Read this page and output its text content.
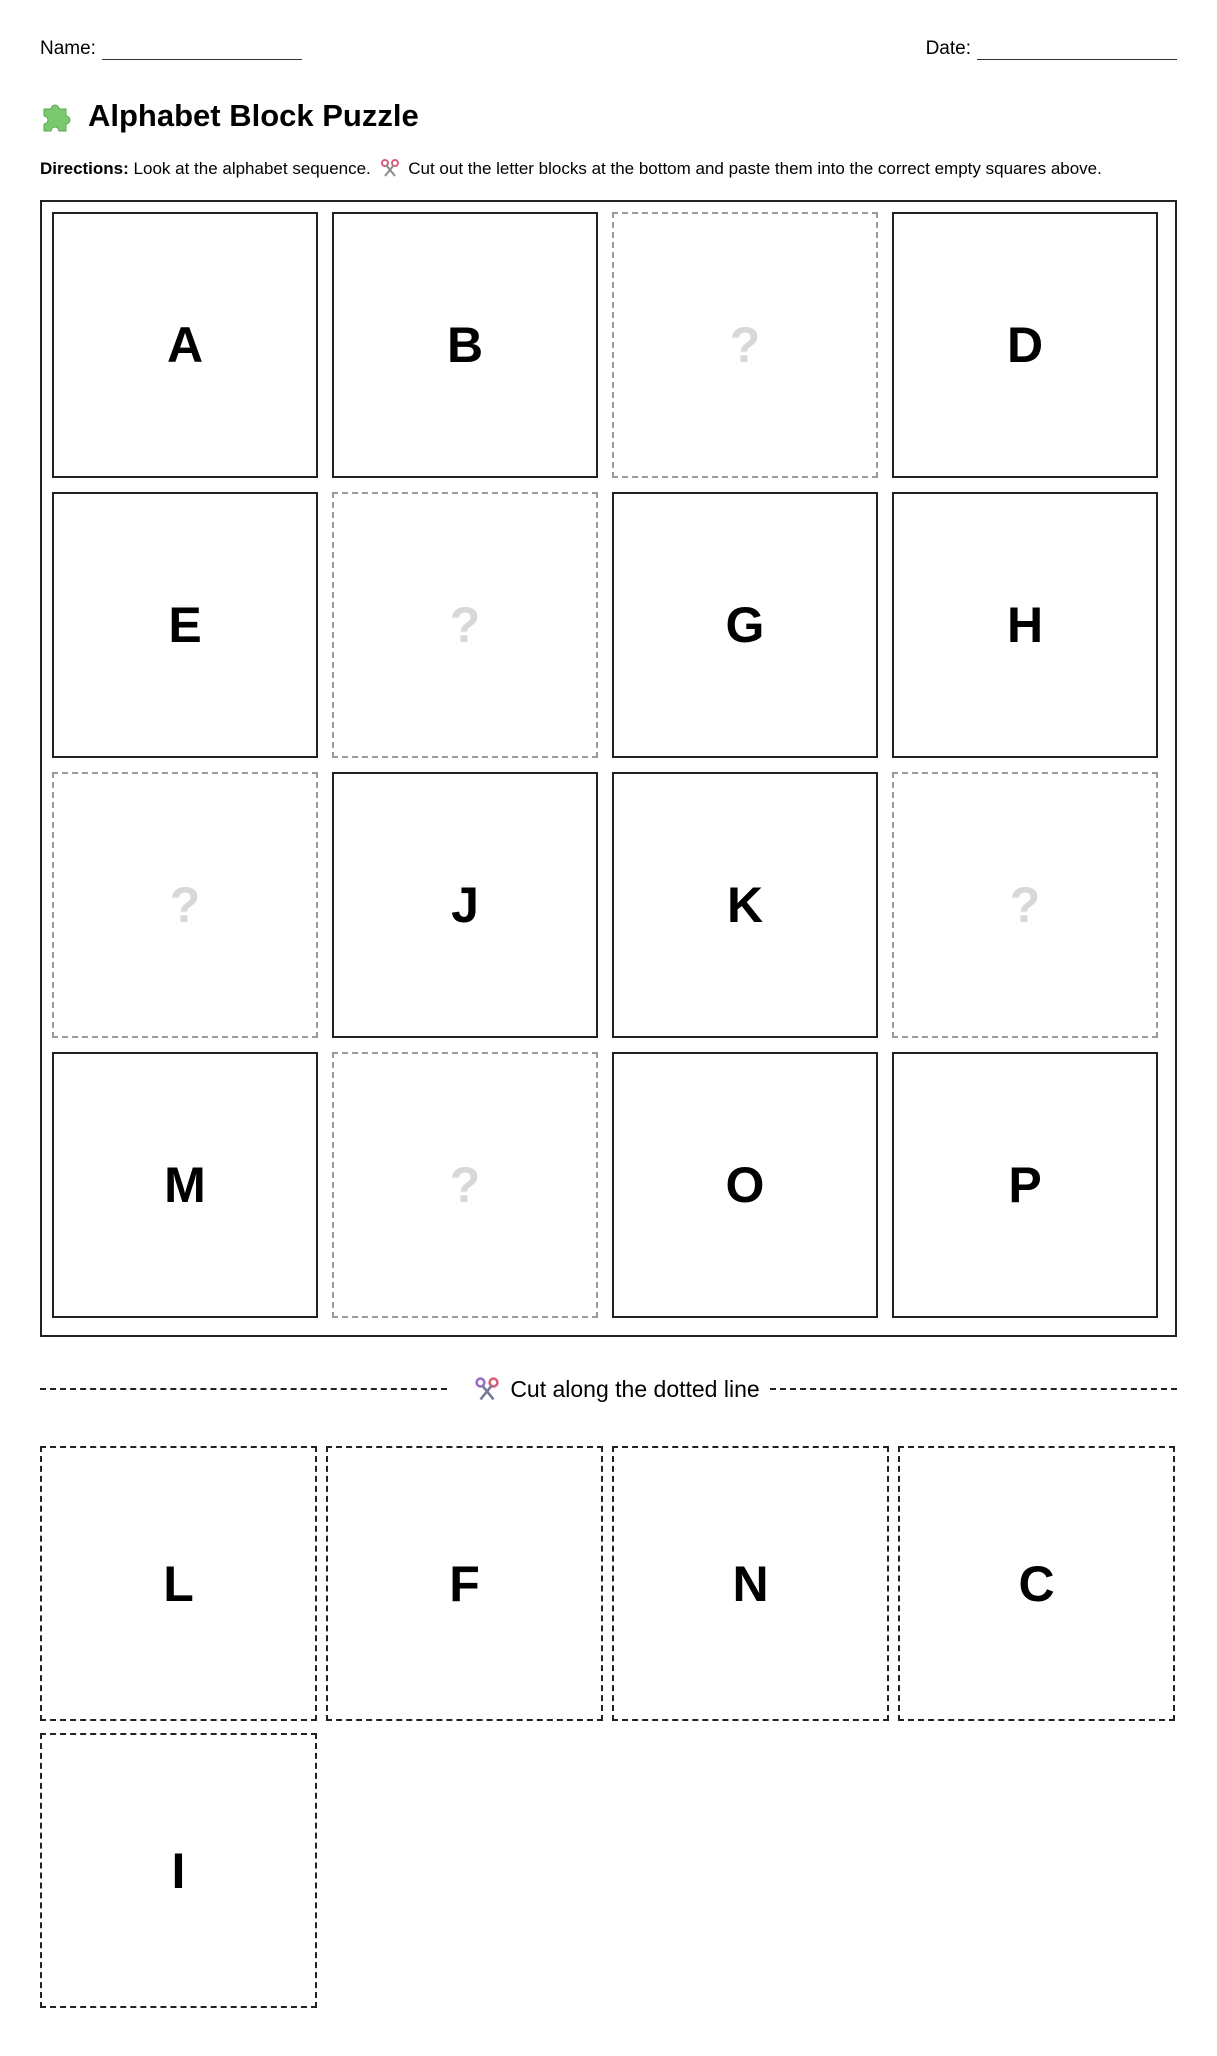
Name:	Date:
Alphabet Block Puzzle
Directions: Look at the alphabet sequence. Cut out the letter blocks at the bottom and paste them into the correct empty squares above.
A	B	?	D
E	?	G	H
?	J	K	?
M	?	O	P
Cut along the dotted line
L	F	N	C
I
